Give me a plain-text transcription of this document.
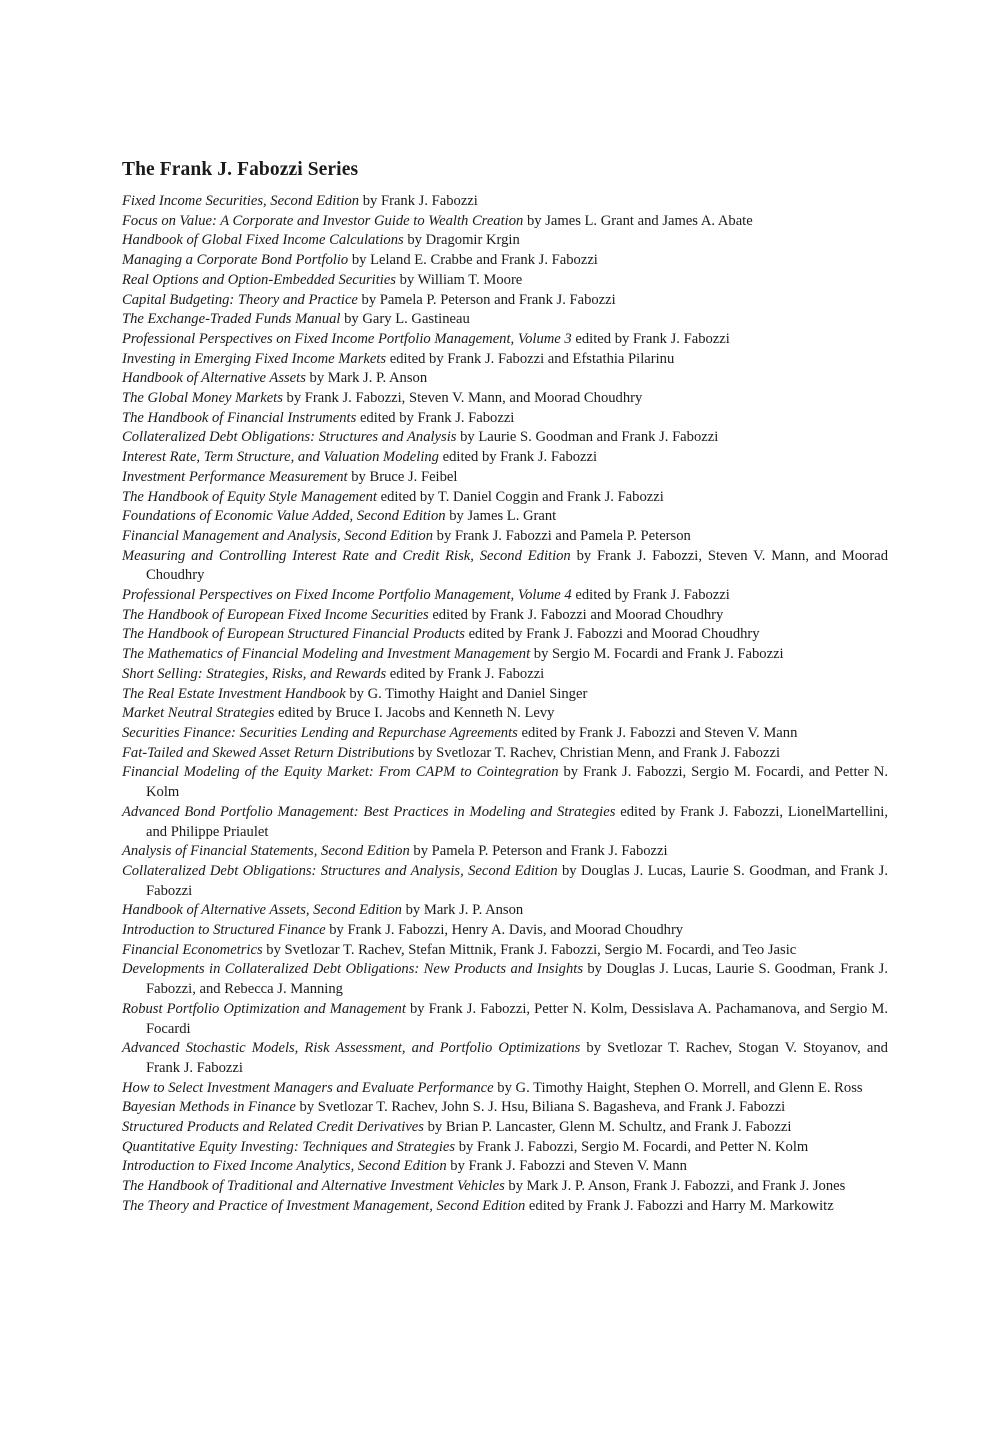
The Frank J. Fabozzi Series
Fixed Income Securities, Second Edition by Frank J. Fabozzi
Focus on Value: A Corporate and Investor Guide to Wealth Creation by James L. Grant and James A. Abate
Handbook of Global Fixed Income Calculations by Dragomir Krgin
Managing a Corporate Bond Portfolio by Leland E. Crabbe and Frank J. Fabozzi
Real Options and Option-Embedded Securities by William T. Moore
Capital Budgeting: Theory and Practice by Pamela P. Peterson and Frank J. Fabozzi
The Exchange-Traded Funds Manual by Gary L. Gastineau
Professional Perspectives on Fixed Income Portfolio Management, Volume 3 edited by Frank J. Fabozzi
Investing in Emerging Fixed Income Markets edited by Frank J. Fabozzi and Efstathia Pilarinu
Handbook of Alternative Assets by Mark J. P. Anson
The Global Money Markets by Frank J. Fabozzi, Steven V. Mann, and Moorad Choudhry
The Handbook of Financial Instruments edited by Frank J. Fabozzi
Collateralized Debt Obligations: Structures and Analysis by Laurie S. Goodman and Frank J. Fabozzi
Interest Rate, Term Structure, and Valuation Modeling edited by Frank J. Fabozzi
Investment Performance Measurement by Bruce J. Feibel
The Handbook of Equity Style Management edited by T. Daniel Coggin and Frank J. Fabozzi
Foundations of Economic Value Added, Second Edition by James L. Grant
Financial Management and Analysis, Second Edition by Frank J. Fabozzi and Pamela P. Peterson
Measuring and Controlling Interest Rate and Credit Risk, Second Edition by Frank J. Fabozzi, Steven V. Mann, and Moorad Choudhry
Professional Perspectives on Fixed Income Portfolio Management, Volume 4 edited by Frank J. Fabozzi
The Handbook of European Fixed Income Securities edited by Frank J. Fabozzi and Moorad Choudhry
The Handbook of European Structured Financial Products edited by Frank J. Fabozzi and Moorad Choudhry
The Mathematics of Financial Modeling and Investment Management by Sergio M. Focardi and Frank J. Fabozzi
Short Selling: Strategies, Risks, and Rewards edited by Frank J. Fabozzi
The Real Estate Investment Handbook by G. Timothy Haight and Daniel Singer
Market Neutral Strategies edited by Bruce I. Jacobs and Kenneth N. Levy
Securities Finance: Securities Lending and Repurchase Agreements edited by Frank J. Fabozzi and Steven V. Mann
Fat-Tailed and Skewed Asset Return Distributions by Svetlozar T. Rachev, Christian Menn, and Frank J. Fabozzi
Financial Modeling of the Equity Market: From CAPM to Cointegration by Frank J. Fabozzi, Sergio M. Focardi, and Petter N. Kolm
Advanced Bond Portfolio Management: Best Practices in Modeling and Strategies edited by Frank J. Fabozzi, LionelMartellini, and Philippe Priaulet
Analysis of Financial Statements, Second Edition by Pamela P. Peterson and Frank J. Fabozzi
Collateralized Debt Obligations: Structures and Analysis, Second Edition by Douglas J. Lucas, Laurie S. Goodman, and Frank J. Fabozzi
Handbook of Alternative Assets, Second Edition by Mark J. P. Anson
Introduction to Structured Finance by Frank J. Fabozzi, Henry A. Davis, and Moorad Choudhry
Financial Econometrics by Svetlozar T. Rachev, Stefan Mittnik, Frank J. Fabozzi, Sergio M. Focardi, and Teo Jasic
Developments in Collateralized Debt Obligations: New Products and Insights by Douglas J. Lucas, Laurie S. Goodman, Frank J. Fabozzi, and Rebecca J. Manning
Robust Portfolio Optimization and Management by Frank J. Fabozzi, Petter N. Kolm, Dessislava A. Pachamanova, and Sergio M. Focardi
Advanced Stochastic Models, Risk Assessment, and Portfolio Optimizations by Svetlozar T. Rachev, Stogan V. Stoyanov, and Frank J. Fabozzi
How to Select Investment Managers and Evaluate Performance by G. Timothy Haight, Stephen O. Morrell, and Glenn E. Ross
Bayesian Methods in Finance by Svetlozar T. Rachev, John S. J. Hsu, Biliana S. Bagasheva, and Frank J. Fabozzi
Structured Products and Related Credit Derivatives by Brian P. Lancaster, Glenn M. Schultz, and Frank J. Fabozzi
Quantitative Equity Investing: Techniques and Strategies by Frank J. Fabozzi, Sergio M. Focardi, and Petter N. Kolm
Introduction to Fixed Income Analytics, Second Edition by Frank J. Fabozzi and Steven V. Mann
The Handbook of Traditional and Alternative Investment Vehicles by Mark J. P. Anson, Frank J. Fabozzi, and Frank J. Jones
The Theory and Practice of Investment Management, Second Edition edited by Frank J. Fabozzi and Harry M. Markowitz
